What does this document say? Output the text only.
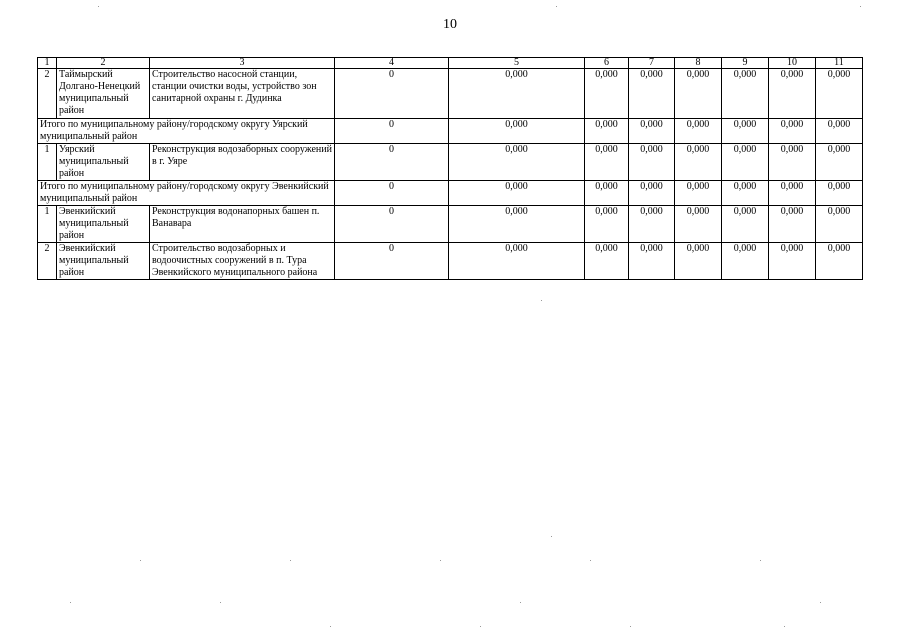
10
1	2	3	4	5	6	7	8	9	10	11
2	Таймырский Долгано-Ненецкий муниципальный район	Строительство насосной станции, станции очистки воды, устройство зон санитарной охраны г. Дудинка	0	0,000	0,000	0,000	0,000	0,000	0,000	0,000
Итого по муниципальному району/городскому округу Уярский муниципальный район			0	0,000	0,000	0,000	0,000	0,000	0,000	0,000
1	Уярский муниципальный район	Реконструкция водозаборных сооружений в г. Уяре	0	0,000	0,000	0,000	0,000	0,000	0,000	0,000
Итого по муниципальному району/городскому округу Эвенкийский муниципальный район			0	0,000	0,000	0,000	0,000	0,000	0,000	0,000
1	Эвенкийский муниципальный район	Реконструкция водонапорных башен п. Ванавара	0	0,000	0,000	0,000	0,000	0,000	0,000	0,000
2	Эвенкийский муниципальный район	Строительство водозаборных и водоочистных сооружений в п. Тура Эвенкийского муниципального района	0	0,000	0,000	0,000	0,000	0,000	0,000	0,000
